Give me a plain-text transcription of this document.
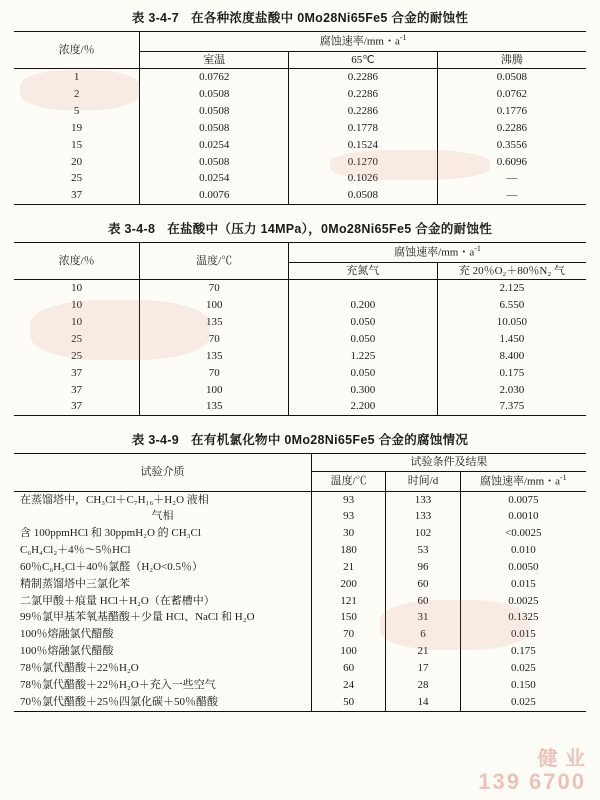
表 3-4-7 在各种浓度盐酸中 0Mo28Ni65Fe5 合金的耐蚀性
浓度/％	腐蚀速率/mm・$a^{-1}$
	室温	65℃	沸腾
1	0.0762	0.2286	0.0508
2	0.0508	0.2286	0.0762
5	0.0508	0.2286	0.1776
19	0.0508	0.1778	0.2286
15	0.0254	0.1524	0.3556
20	0.0508	0.1270	0.6096
25	0.0254	0.1026	—
37	0.0076	0.0508	—
表 3-4-8 在盐酸中（压力 14MPa），0Mo28Ni65Fe5 合金的耐蚀性
浓度/％	温度/℃	腐蚀速率/mm・$a^{-1}$
		充氮气	充 20％O₂＋80％N₂ 气
10	70		2.125
10	100	0.200	6.550
10	135	0.050	10.050
25	70	0.050	1.450
25	135	1.225	8.400
37	70	0.050	0.175
37	100	0.300	2.030
37	135	2.200	7.375
表 3-4-9 在有机氯化物中 0Mo28Ni65Fe5 合金的腐蚀情况
试验介质	试验条件及结果		
	温度/℃	时间/d	腐蚀速率/mm・$a^{-1}$
在蒸馏塔中，CH₃Cl＋C₇H₁₆＋H₂O 液相	93	133	0.0075
气相	93	133	0.0010
含 100ppmHCl 和 30ppmH₂O 的 CH₃Cl	30	102	<0.0025
C₆H₄Cl₂＋4％～5％HCl	180	53	0.010
60％C₆H₅Cl＋40％氯醛（H₂O<0.5％）	21	96	0.0050
精制蒸馏塔中三氯化苯	200	60	0.015
二氯甲酸＋痕量 HCl＋H₂O（在蓄槽中）	121	60	0.0025
99％氯甲基苯氧基醋酸＋少量 HCl、NaCl 和 H₂O	150	31	0.1325
100％熔融氯代醋酸	70	6	0.015
100％熔融氯代醋酸	100	21	0.175
78％氯代醋酸＋22％H₂O	60	17	0.025
78％氯代醋酸＋22％H₂O＋充入一些空气	24	28	0.150
70％氯代醋酸＋25％四氯化碳＋50％醋酸	50	14	0.025
健 业
139 6700
